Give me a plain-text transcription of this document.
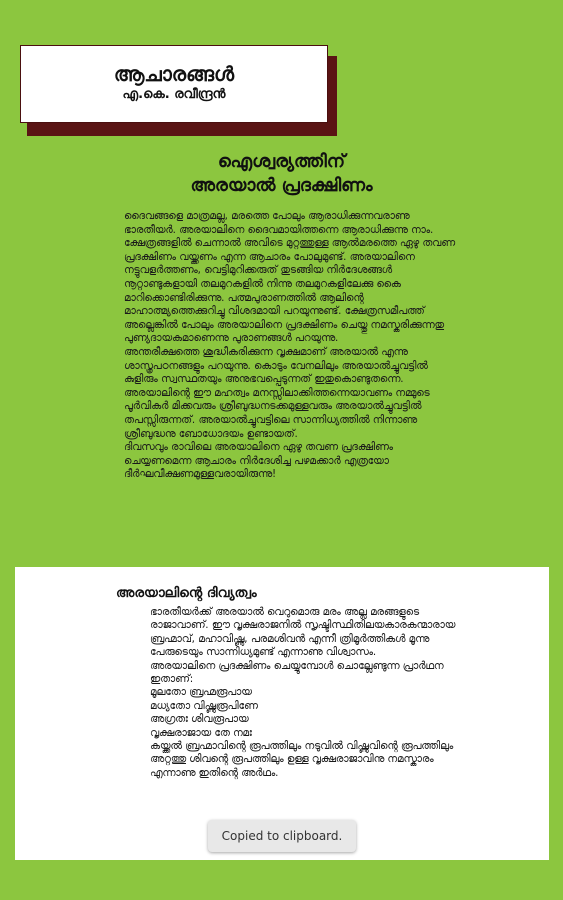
ആചാരങ്ങൾ
എ.കെ. രവീന്ദ്രൻ
ഐശ്വര്യത്തിന്
അരയാൽ പ്രദക്ഷിണം

ദൈവങ്ങളെ മാത്രമല്ല, മരത്തെ പോലും ആരാധിക്കുന്നവരാണു ഭാരതീയർ. അരയാലിനെ ദൈവമായിത്തന്നെ ആരാധിക്കുന്നു നാം. ക്ഷേത്രങ്ങളിൽ ചെന്നാൽ അവിടെ മുറ്റത്തുള്ള ആൽമരത്തെ ഏഴു തവണ പ്രദക്ഷിണം വയ്ക്കണം എന്ന ആചാരം പോലുമുണ്ട്. അരയാലിനെ നട്ടുവളർത്തണം, വെട്ടിമുറിക്കരുത് തുടങ്ങിയ നിർദേശങ്ങൾ നൂറ്റാണ്ടുകളായി തലമുറകളിൽ നിന്നു തലമുറകളിലേക്കു കൈ മാറിക്കൊണ്ടിരിക്കുന്നു. പത്മപുരാണത്തിൽ ആലിന്റെ മാഹാത്മ്യത്തെക്കുറിച്ചു വിശദമായി പറയുന്നുണ്ട്. ക്ഷേത്രസമീപത്ത് അല്ലെങ്കിൽ പോലും അരയാലിനെ പ്രദക്ഷിണം ചെയ്തു നമസ്കരിക്കുന്നതു പുണ്യദായകമാണെന്നു പുരാണങ്ങൾ പറയുന്നു.

അന്തരീക്ഷത്തെ ശുദ്ധീകരിക്കുന്ന വൃക്ഷമാണ് അരയാൽ എന്നു ശാസ്ത്രപഠനങ്ങളും പറയുന്നു. കൊടും വേനലിലും അരയാൽച്ചുവട്ടിൽ കുളിരും സ്വസ്ഥതയും അനുഭവപ്പെടുന്നത് ഇതുകൊണ്ടുതന്നെ. അരയാലിന്റെ ഈ മഹത്വം മനസ്സിലാക്കിത്തന്നെയാവണം നമ്മുടെ പൂർവികർ മിക്കവരും ശ്രീബുദ്ധനടക്കമുള്ളവരും അരയാൽച്ചുവട്ടിൽ തപസ്സിരുന്നത്. അരയാൽച്ചുവട്ടിലെ സാന്നിധ്യത്തിൽ നിന്നാണു ശ്രീബുദ്ധനു ബോധോദയം ഉണ്ടായത്.

ദിവസവും രാവിലെ അരയാലിനെ ഏഴു തവണ പ്രദക്ഷിണം ചെയ്യണമെന്ന ആചാരം നിർദേശിച്ച പഴമക്കാർ എത്രയോ ദീർഘവീക്ഷണമുള്ളവരായിരുന്നു!

അരയാലിന്റെ ദിവ്യത്വം

ഭാരതീയർക്ക് അരയാൽ വെറുമൊരു മരം അല്ല മരങ്ങളുടെ രാജാവാണ്. ഈ വൃക്ഷരാജനിൽ സൃഷ്ടിസ്ഥിതിലയകാരകന്മാരായ ബ്രഹ്മാവ്, മഹാവിഷ്ണു, പരമശിവൻ എന്നീ ത്രിമൂർത്തികൾ മൂന്നു പേരുടെയും സാന്നിധ്യമുണ്ട് എന്നാണു വിശ്വാസം.

അരയാലിനെ പ്രദക്ഷിണം ചെയ്യുമ്പോൾ ചൊല്ലേണ്ടുന്ന പ്രാർഥന ഇതാണ്:

മൂലതോ ബ്രഹ്മരൂപായ

മധ്യതോ വിഷ്ണുരൂപിണേ

അഗ്രതഃ ശിവരൂപായ

വൃക്ഷരാജായ തേ നമഃ

കയ്ക്കൽ ബ്രഹ്മാവിന്റെ രൂപത്തിലും നടുവിൽ വിഷ്ണുവിന്റെ രൂപത്തിലും അറ്റത്തു ശിവന്റെ രൂപത്തിലും ഉള്ള വൃക്ഷരാജാവിനു നമസ്കാരം എന്നാണു ഇതിന്റെ അർഥം.

Copied to clipboard.
